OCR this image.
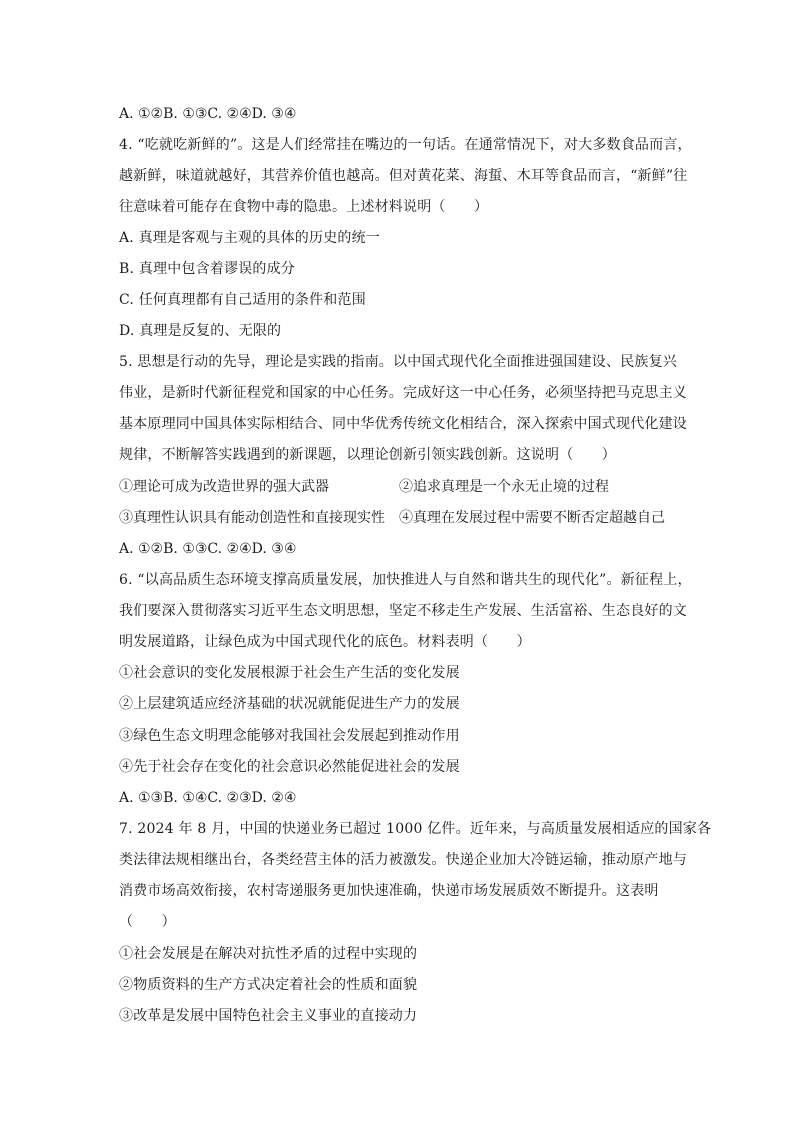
A. ①②B. ①③C. ②④D. ③④
4. “吃就吃新鲜的”。这是人们经常挂在嘴边的一句话。在通常情况下，对大多数食品而言，
越新鲜，味道就越好，其营养价值也越高。但对黄花菜、海蜇、木耳等食品而言，“新鲜”往
往意味着可能存在食物中毒的隐患。上述材料说明（　　）
A. 真理是客观与主观的具体的历史的统一
B. 真理中包含着谬误的成分
C. 任何真理都有自己适用的条件和范围
D. 真理是反复的、无限的
5. 思想是行动的先导，理论是实践的指南。以中国式现代化全面推进强国建设、民族复兴
伟业，是新时代新征程党和国家的中心任务。完成好这一中心任务，必须坚持把马克思主义
基本原理同中国具体实际相结合、同中华优秀传统文化相结合，深入探索中国式现代化建设
规律，不断解答实践遇到的新课题，以理论创新引领实践创新。这说明（　　）
①理论可成为改造世界的强大武器	②追求真理是一个永无止境的过程
③真理性认识具有能动创造性和直接现实性 ④真理在发展过程中需要不断否定超越自己
A. ①②B. ①③C. ②④D. ③④
6. “以高品质生态环境支撑高质量发展，加快推进人与自然和谐共生的现代化”。新征程上，
我们要深入贯彻落实习近平生态文明思想，坚定不移走生产发展、生活富裕、生态良好的文
明发展道路，让绿色成为中国式现代化的底色。材料表明（　　）
①社会意识的变化发展根源于社会生产生活的变化发展
②上层建筑适应经济基础的状况就能促进生产力的发展
③绿色生态文明理念能够对我国社会发展起到推动作用
④先于社会存在变化的社会意识必然能促进社会的发展
A. ①③B. ①④C. ②③D. ②④
7. 2024 年 8 月，中国的快递业务已超过 1000 亿件。近年来，与高质量发展相适应的国家各
类法律法规相继出台，各类经营主体的活力被激发。快递企业加大冷链运输，推动原产地与
消费市场高效衔接，农村寄递服务更加快速准确，快递市场发展质效不断提升。这表明
（　　）
①社会发展是在解决对抗性矛盾的过程中实现的
②物质资料的生产方式决定着社会的性质和面貌
③改革是发展中国特色社会主义事业的直接动力
